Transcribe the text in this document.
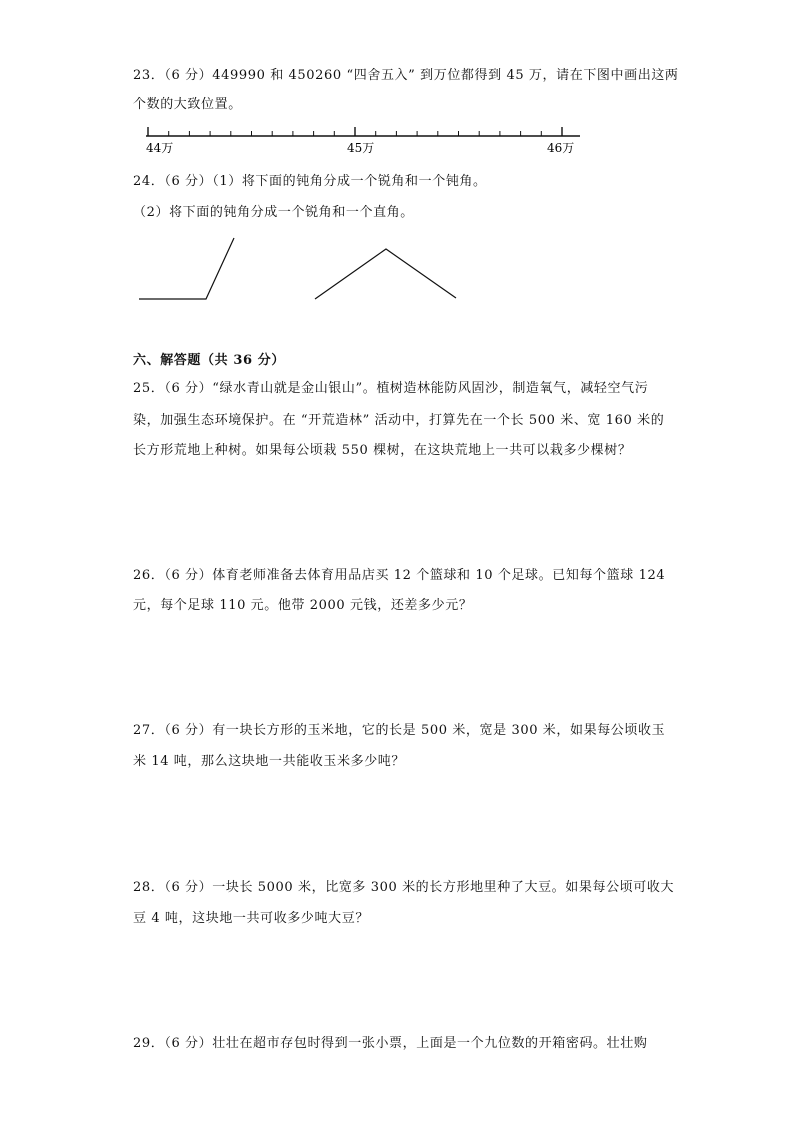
23．（6 分）449990 和 450260 “四舍五入” 到万位都得到 45 万，请在下图中画出这两
个数的大致位置。
44万	45万	46万
24．（6 分）（1）将下面的钝角分成一个锐角和一个钝角。
（2）将下面的钝角分成一个锐角和一个直角。
六、解答题（共 36 分）
25．（6 分）“绿水青山就是金山银山”。植树造林能防风固沙，制造氧气，减轻空气污
染，加强生态环境保护。在 “开荒造林” 活动中，打算先在一个长 500 米、宽 160 米的
长方形荒地上种树。如果每公顷栽 550 棵树，在这块荒地上一共可以栽多少棵树？
26．（6 分）体育老师准备去体育用品店买 12 个篮球和 10 个足球。已知每个篮球 124
元，每个足球 110 元。他带 2000 元钱，还差多少元？
27．（6 分）有一块长方形的玉米地，它的长是 500 米，宽是 300 米，如果每公顷收玉
米 14 吨，那么这块地一共能收玉米多少吨？
28．（6 分）一块长 5000 米，比宽多 300 米的长方形地里种了大豆。如果每公顷可收大
豆 4 吨，这块地一共可收多少吨大豆？
29．（6 分）壮壮在超市存包时得到一张小票，上面是一个九位数的开箱密码。壮壮购
